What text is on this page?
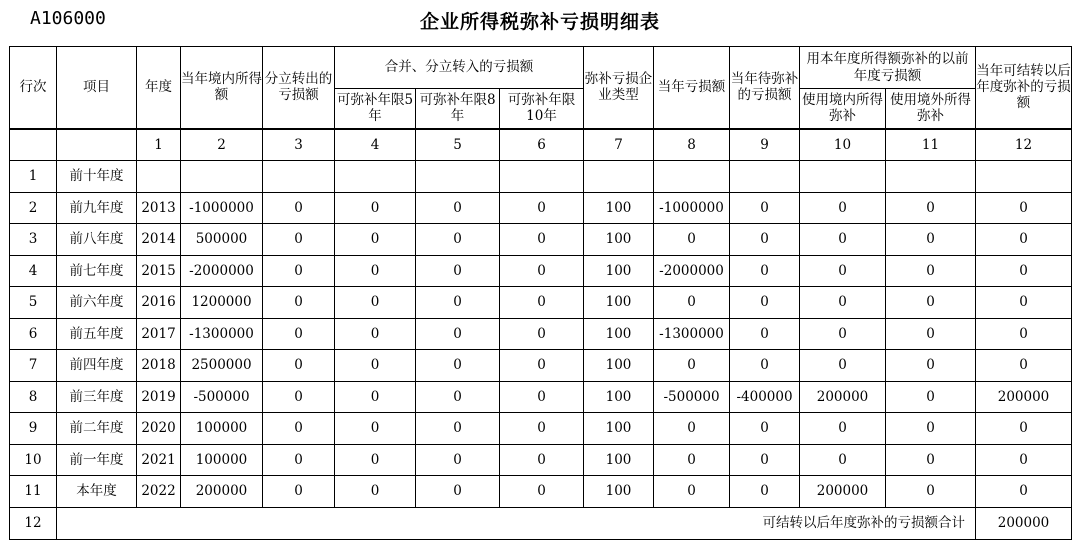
A106000	企业所得税弥补亏损明细表
行次	项目	年度	当年境内所得额	分立转出的亏损额	合并、分立转入的亏损额			弥补亏损企业类型	当年亏损额	当年待弥补的亏损额	用本年度所得额弥补的以前年度亏损额		当年可结转以后年度弥补的亏损额
					可弥补年限5年	可弥补年限8年	可弥补年限10年				使用境内所得弥补	使用境外所得弥补	
		1	2	3	4	5	6	7	8	9	10	11	12
1	前十年度												
2	前九年度	2013	-1000000	0	0	0	0	100	-1000000	0	0	0	0
3	前八年度	2014	500000	0	0	0	0	100	0	0	0	0	0
4	前七年度	2015	-2000000	0	0	0	0	100	-2000000	0	0	0	0
5	前六年度	2016	1200000	0	0	0	0	100	0	0	0	0	0
6	前五年度	2017	-1300000	0	0	0	0	100	-1300000	0	0	0	0
7	前四年度	2018	2500000	0	0	0	0	100	0	0	0	0	0
8	前三年度	2019	-500000	0	0	0	0	100	-500000	-400000	200000	0	200000
9	前二年度	2020	100000	0	0	0	0	100	0	0	0	0	0
10	前一年度	2021	100000	0	0	0	0	100	0	0	0	0	0
11	本年度	2022	200000	0	0	0	0	100	0	0	200000	0	0
12	可结转以后年度弥补的亏损额合计												200000
